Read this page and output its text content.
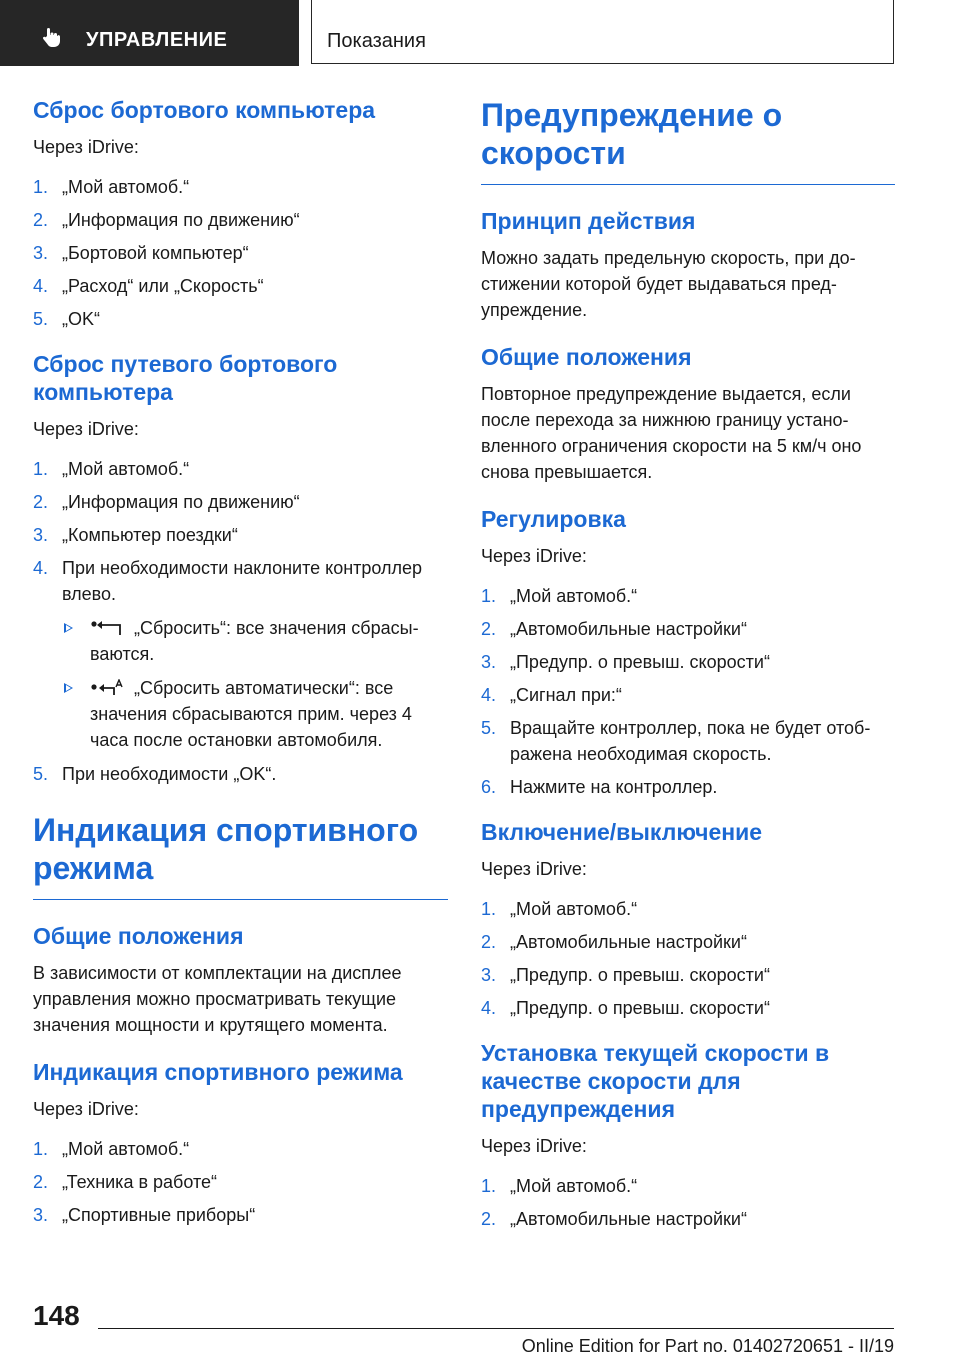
УПРАВЛЕНИЕ	Показания
Сброс бортового компьютера

Через iDrive:

1. „Мой автомоб.“
2. „Информация по движению“
3. „Бортовой компьютер“
4. „Расход“ или „Скорость“
5. „OK“
Сброс путевого бортового компьютера

Через iDrive:

1. „Мой автомоб.“
2. „Информация по движению“
3. „Компьютер поездки“
4. При необходимости наклоните контроллер влево.
„Сбросить“: все значения сбрасы-ваются.
„Сбросить автоматически“: все значения сбрасываются прим. через 4 часа после остановки автомобиля.
5. При необходимости „OK“.
Индикация спортивного режима
Общие положения

В зависимости от комплектации на дисплее управления можно просматривать текущие значения мощности и крутящего момента.

Индикация спортивного режима

Через iDrive:

1. „Мой автомоб.“
2. „Техника в работе“
3. „Спортивные приборы“
Предупреждение о скорости
Принцип действия

Можно задать предельную скорость, при до-стижении которой будет выдаваться пред-упреждение.

Общие положения

Повторное предупреждение выдается, если после перехода за нижнюю границу устано-вленного ограничения скорости на 5 км/ч оно снова превышается.

Регулировка

Через iDrive:

1. „Мой автомоб.“
2. „Автомобильные настройки“
3. „Предупр. о превыш. скорости“
4. „Сигнал при:“
5. Вращайте контроллер, пока не будет отоб-ражена необходимая скорость.
6. Нажмите на контроллер.
Включение/выключение

Через iDrive:

1. „Мой автомоб.“
2. „Автомобильные настройки“
3. „Предупр. о превыш. скорости“
4. „Предупр. о превыш. скорости“
Установка текущей скорости в качестве скорости для предупреждения

Через iDrive:

1. „Мой автомоб.“
2. „Автомобильные настройки“
148
Online Edition for Part no. 01402720651 - II/19
